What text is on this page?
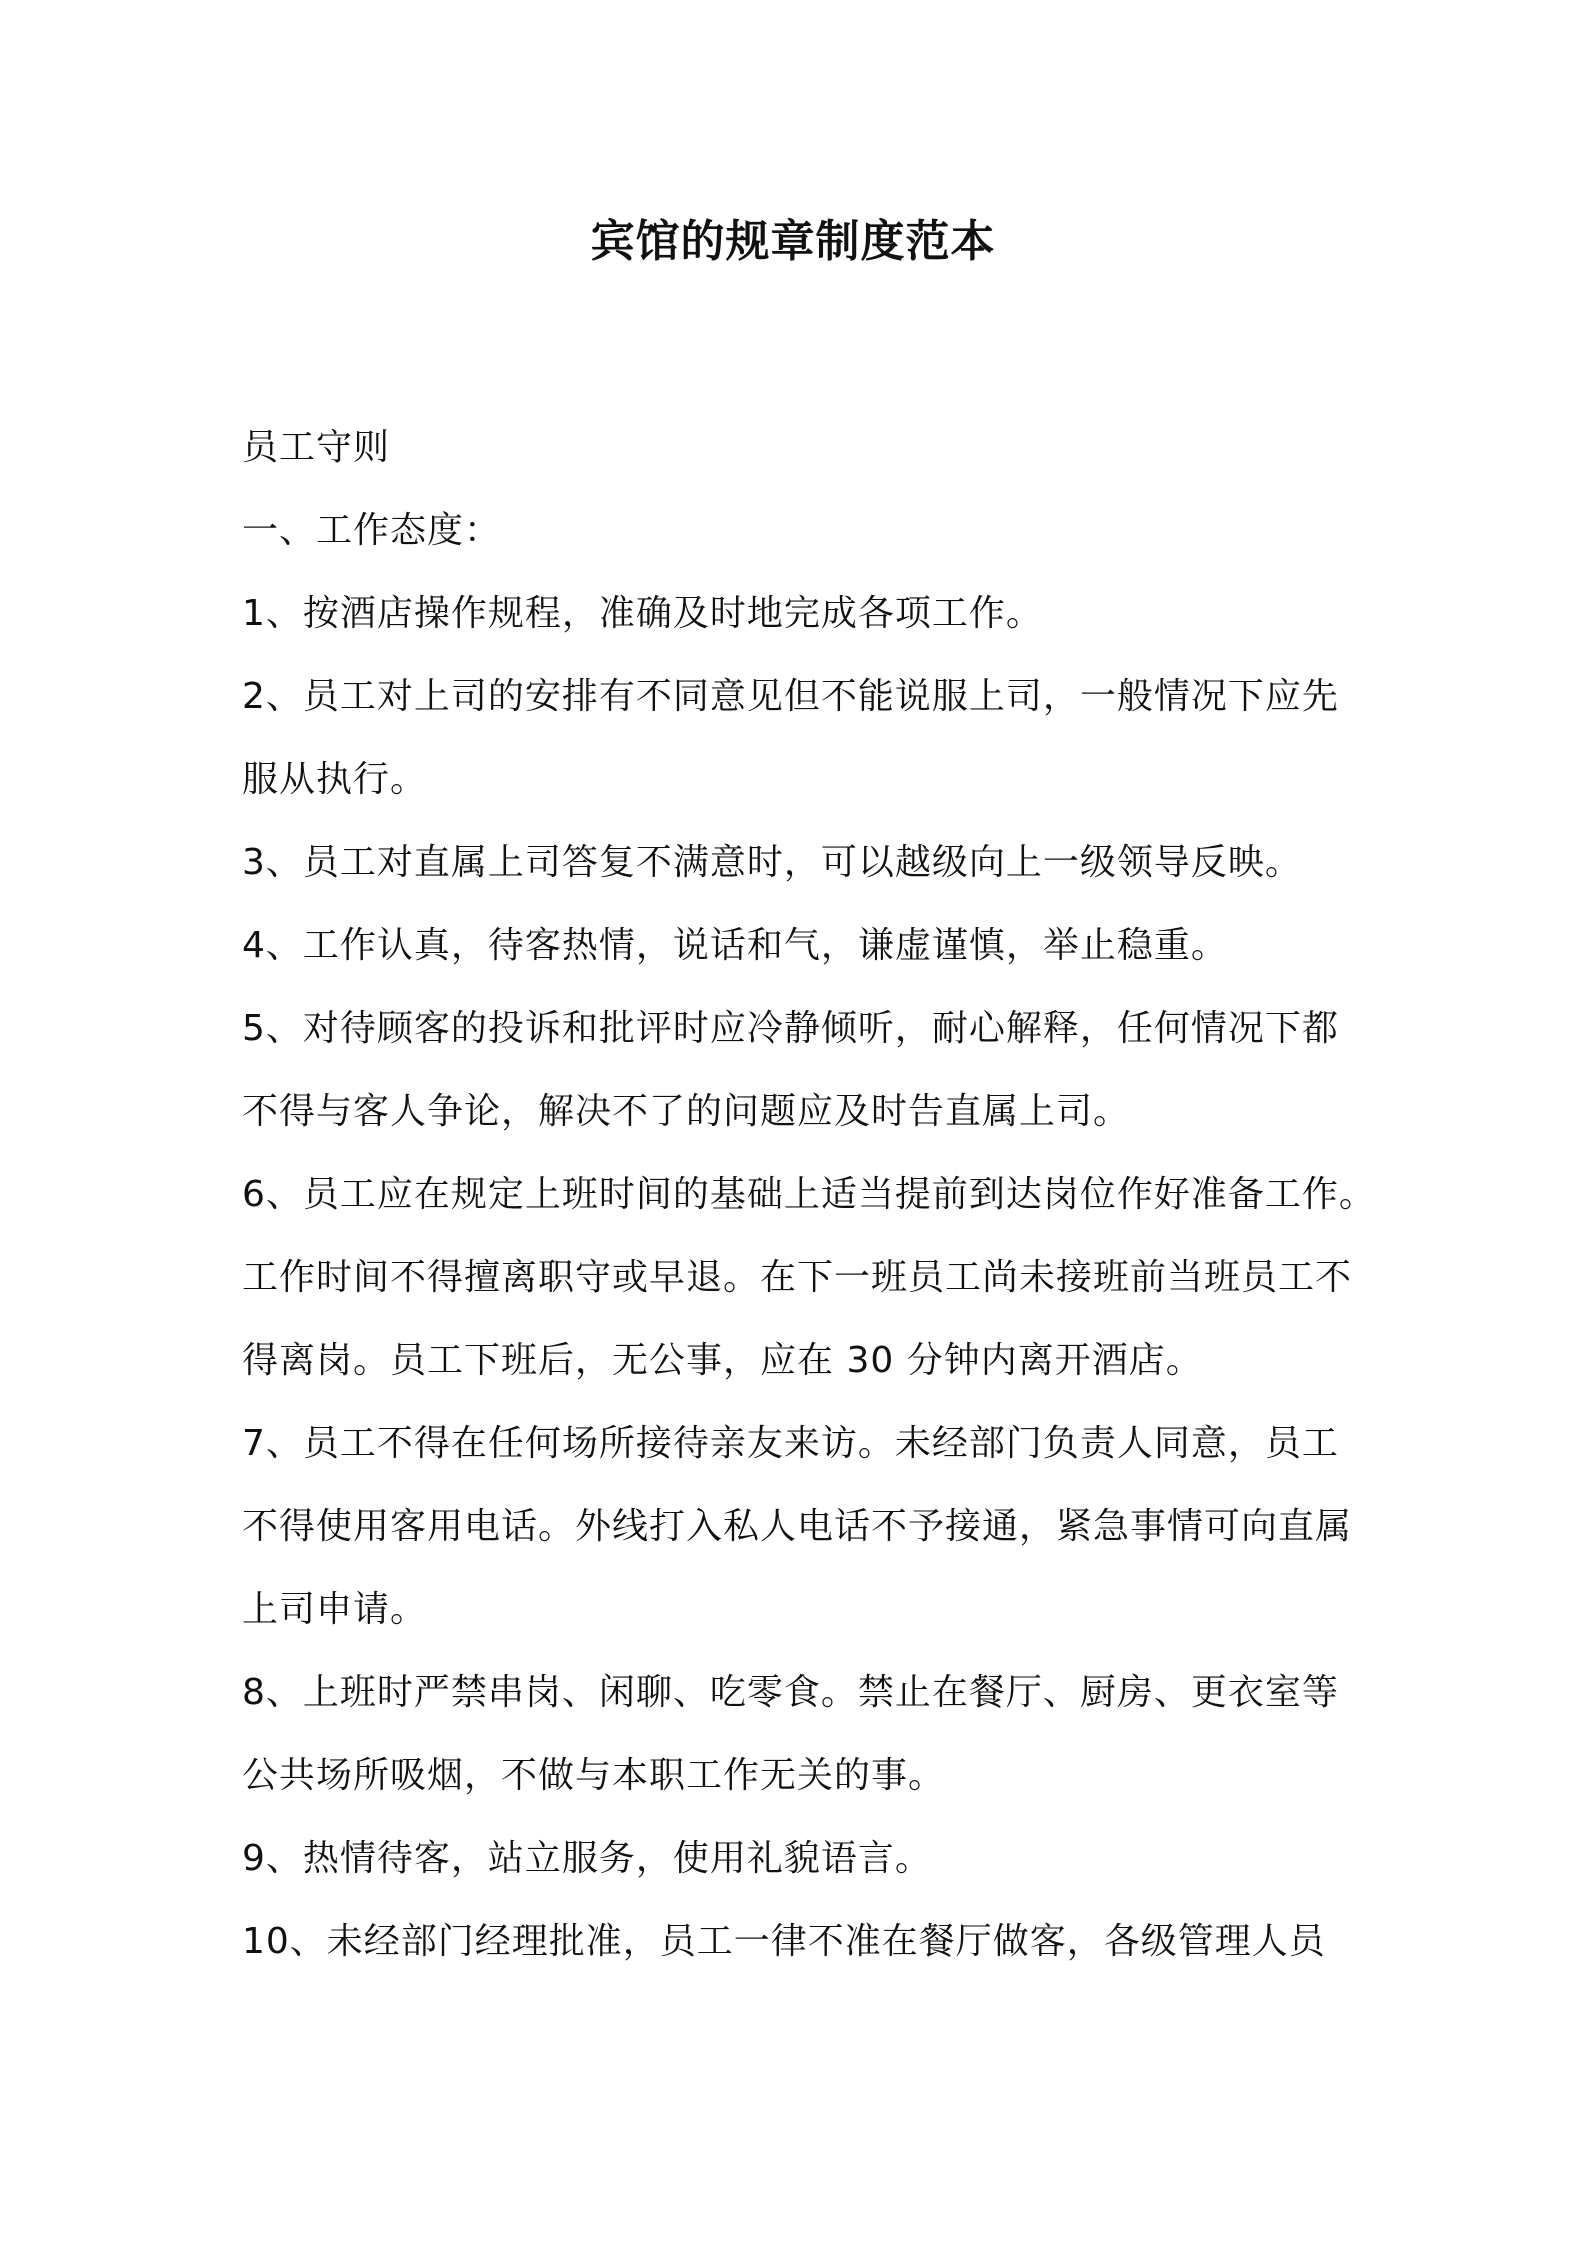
宾馆的规章制度范本
员工守则
一、工作态度：
1、按酒店操作规程，准确及时地完成各项工作。
2、员工对上司的安排有不同意见但不能说服上司，一般情况下应先
服从执行。
3、员工对直属上司答复不满意时，可以越级向上一级领导反映。
4、工作认真，待客热情，说话和气，谦虚谨慎，举止稳重。
5、对待顾客的投诉和批评时应冷静倾听，耐心解释，任何情况下都
不得与客人争论，解决不了的问题应及时告直属上司。
6、员工应在规定上班时间的基础上适当提前到达岗位作好准备工作。
工作时间不得擅离职守或早退。在下一班员工尚未接班前当班员工不
得离岗。员工下班后，无公事，应在 30 分钟内离开酒店。
7、员工不得在任何场所接待亲友来访。未经部门负责人同意，员工
不得使用客用电话。外线打入私人电话不予接通，紧急事情可向直属
上司申请。
8、上班时严禁串岗、闲聊、吃零食。禁止在餐厅、厨房、更衣室等
公共场所吸烟，不做与本职工作无关的事。
9、热情待客，站立服务，使用礼貌语言。
10、未经部门经理批准，员工一律不准在餐厅做客，各级管理人员
